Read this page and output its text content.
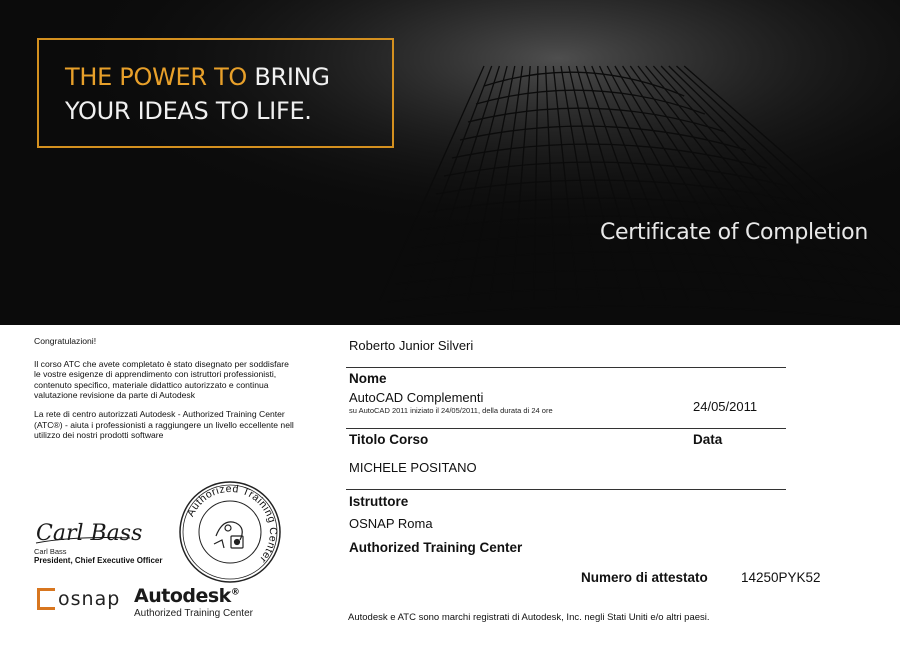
THE POWER TO BRING
YOUR IDEAS TO LIFE.
Certificate of Completion

Congratulazioni!

Il corso ATC che avete completato è stato disegnato per soddisfare le vostre esigenze di apprendimento con istruttori professionisti, contenuto specifico, materiale didattico autorizzato e continua valutazione revisione da parte di Autodesk

La rete di centro autorizzati Autodesk - Authorized Training Center (ATC®) - aiuta i professionisti a raggiungere un livello eccellente nell utilizzo dei nostri prodotti software

Carl Bass
Carl Bass
President, Chief Executive Officer
Authorized Training Center
osnap Autodesk®
Authorized Training Center
Roberto Junior Silveri
Nome
AutoCAD Complementi
su AutoCAD 2011 iniziato il 24/05/2011, della durata di 24 ore	24/05/2011
Titolo Corso	Data
MICHELE POSITANO
Istruttore
OSNAP Roma
Authorized Training Center
Numero di attestato 14250PYK52
Autodesk e ATC sono marchi registrati di Autodesk, Inc. negli Stati Uniti e/o altri paesi.
